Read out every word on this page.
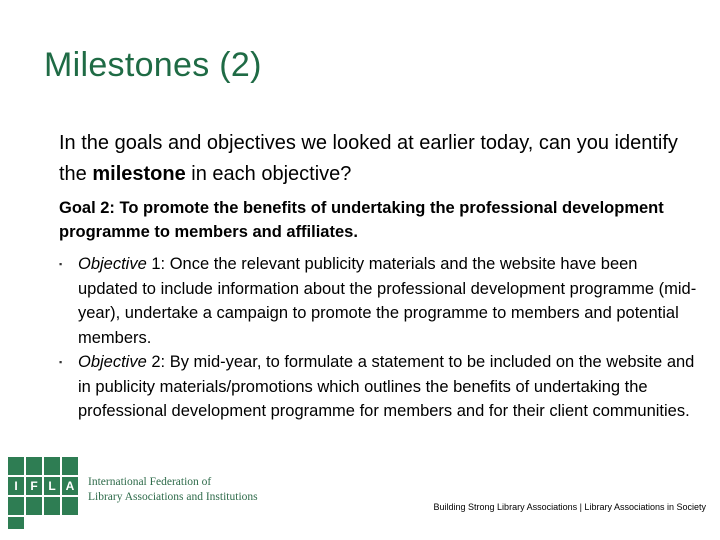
Milestones (2)
In the goals and objectives we looked at earlier today, can you identify the milestone in each objective?
Goal 2: To promote the benefits of undertaking the professional development programme to members and affiliates.
▪ Objective 1: Once the relevant publicity materials and the website have been updated to include information about the professional development programme (mid-year), undertake a campaign to promote the programme to members and potential members.
▪ Objective 2: By mid-year, to formulate a statement to be included on the website and in publicity materials/promotions which outlines the benefits of undertaking the professional development programme for members and for their client communities.
I	F L A	International Federation of
Library Associations and Institutions
Building Strong Library Associations | Library Associations in Society
